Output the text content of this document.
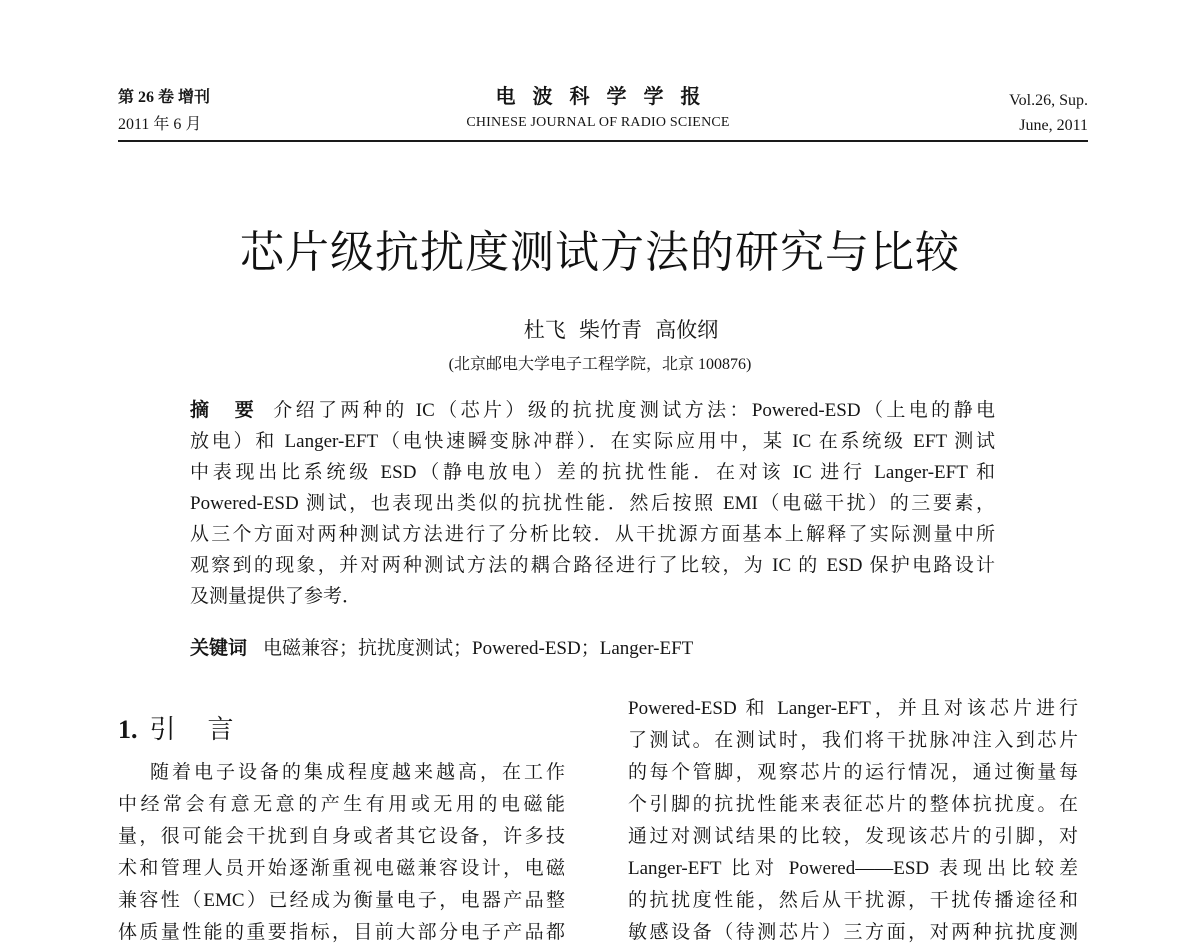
第 26 卷 增刊
2011 年 6 月
电 波 科 学 学 报
CHINESE JOURNAL OF RADIO SCIENCE
Vol.26, Sup.
June, 2011
芯片级抗扰度测试方法的研究与比较
杜飞 柴竹青 高攸纲
(北京邮电大学电子工程学院，北京 100876)
摘　要 介绍了两种的 IC（芯片）级的抗扰度测试方法：Powered-ESD（上电的静电
放电）和 Langer-EFT（电快速瞬变脉冲群）．在实际应用中，某 IC 在系统级 EFT 测试
中表现出比系统级 ESD（静电放电）差的抗扰性能．在对该 IC 进行 Langer-EFT 和
Powered-ESD 测试，也表现出类似的抗扰性能．然后按照 EMI（电磁干扰）的三要素，
从三个方面对两种测试方法进行了分析比较．从干扰源方面基本上解释了实际测量中所
观察到的现象，并对两种测试方法的耦合路径进行了比较，为 IC 的 ESD 保护电路设计
及测量提供了参考．
关键词 电磁兼容；抗扰度测试；Powered-ESD；Langer-EFT
1. 引　言
随着电子设备的集成程度越来越高，在工作
中经常会有意无意的产生有用或无用的电磁能
量，很可能会干扰到自身或者其它设备，许多技
术和管理人员开始逐渐重视电磁兼容设计，电磁
兼容性（EMC）已经成为衡量电子，电器产品整
体质量性能的重要指标，目前大部分电子产品都
Powered-ESD 和 Langer-EFT，并且对该芯片进行
了测试。在测试时，我们将干扰脉冲注入到芯片
的每个管脚，观察芯片的运行情况，通过衡量每
个引脚的抗扰性能来表征芯片的整体抗扰度。在
通过对测试结果的比较，发现该芯片的引脚，对
Langer-EFT 比对 Powered——ESD 表现出比较差
的抗扰度性能，然后从干扰源，干扰传播途径和
敏感设备（待测芯片）三方面，对两种抗扰度测
